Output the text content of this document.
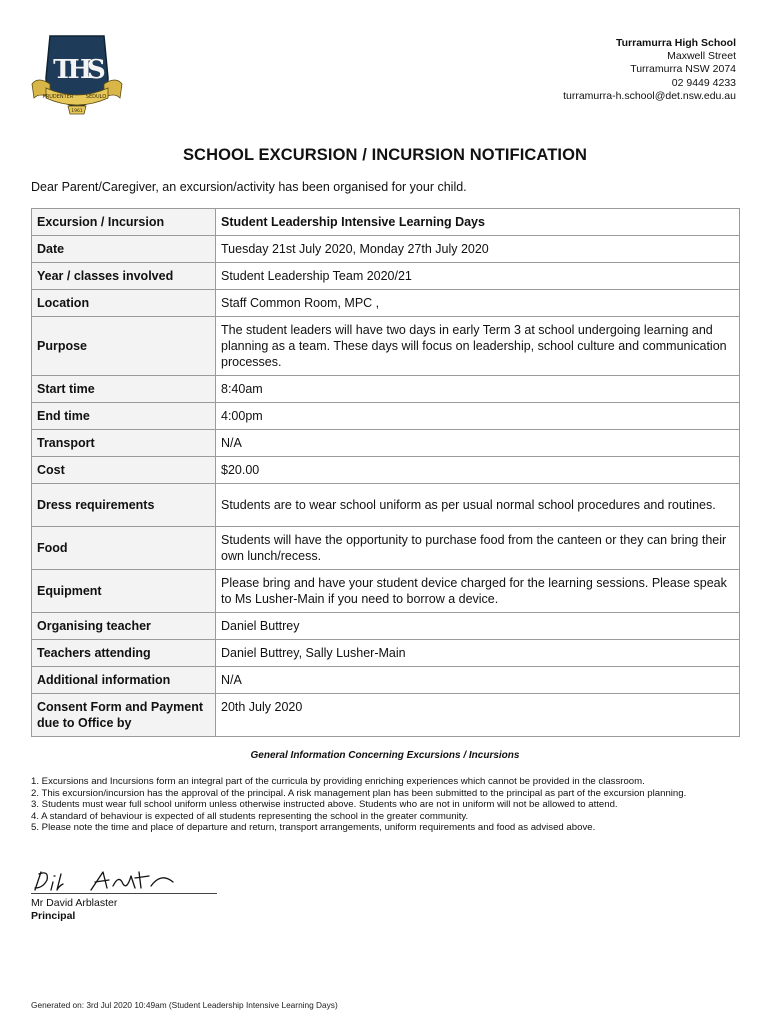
THS
PRUDENTER	SEDULO
1961
Turramurra High School
Maxwell Street
Turramurra NSW 2074
02 9449 4233
turramurra-h.school@det.nsw.edu.au
SCHOOL EXCURSION / INCURSION NOTIFICATION
Dear Parent/Caregiver, an excursion/activity has been organised for your child.
Excursion / Incursion	Student Leadership Intensive Learning Days
Date	Tuesday 21st July 2020, Monday 27th July 2020
Year / classes involved	Student Leadership Team 2020/21
Location	Staff Common Room, MPC ,
Purpose	The student leaders will have two days in early Term 3 at school undergoing learning and planning as a team. These days will focus on leadership, school culture and communication processes.
Start time	8:40am
End time	4:00pm
Transport	N/A
Cost	$20.00
Dress requirements	Students are to wear school uniform as per usual normal school procedures and routines.
Food	Students will have the opportunity to purchase food from the canteen or they can bring their own lunch/recess.
Equipment	Please bring and have your student device charged for the learning sessions. Please speak to Ms Lusher-Main if you need to borrow a device.
Organising teacher	Daniel Buttrey
Teachers attending	Daniel Buttrey, Sally Lusher-Main
Additional information	N/A
Consent Form and Payment due to Office by	20th July 2020
General Information Concerning Excursions / Incursions
1. Excursions and Incursions form an integral part of the curricula by providing enriching experiences which cannot be provided in the classroom.
2. This excursion/incursion has the approval of the principal. A risk management plan has been submitted to the principal as part of the excursion planning.
3. Students must wear full school uniform unless otherwise instructed above. Students who are not in uniform will not be allowed to attend.
4. A standard of behaviour is expected of all students representing the school in the greater community.
5. Please note the time and place of departure and return, transport arrangements, uniform requirements and food as advised above.
Mr David Arblaster
Principal
Generated on: 3rd Jul 2020 10:49am (Student Leadership Intensive Learning Days)
